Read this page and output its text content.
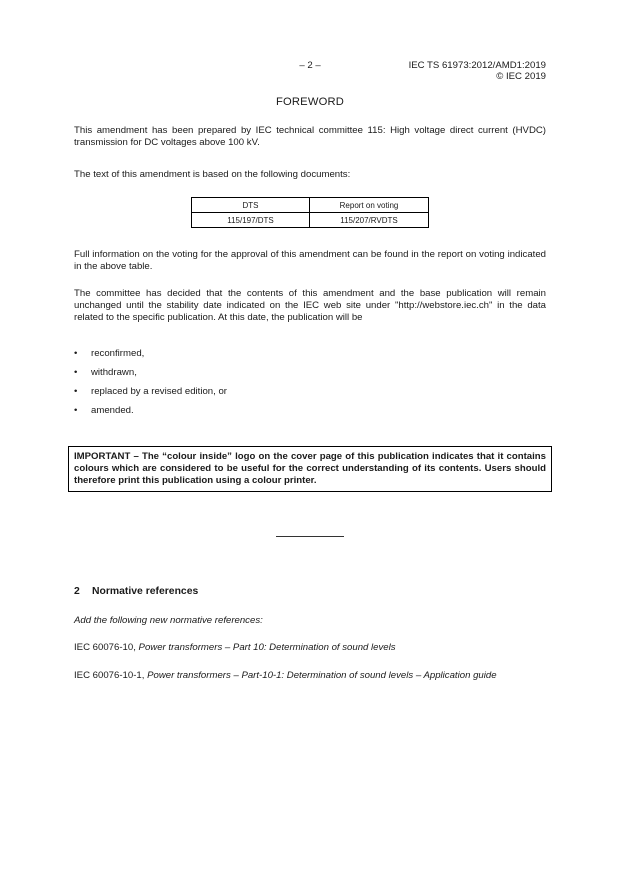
– 2 –	IEC TS 61973:2012/AMD1:2019
© IEC 2019
FOREWORD

This amendment has been prepared by IEC technical committee 115: High voltage direct current (HVDC) transmission for DC voltages above 100 kV.

The text of this amendment is based on the following documents:

DTS	Report on voting
115/197/DTS	115/207/RVDTS

Full information on the voting for the approval of this amendment can be found in the report on voting indicated in the above table.

The committee has decided that the contents of this amendment and the base publication will remain unchanged until the stability date indicated on the IEC web site under "http://webstore.iec.ch" in the data related to the specific publication. At this date, the publication will be

• reconfirmed,
• withdrawn,
• replaced by a revised edition, or
• amended.
IMPORTANT – The “colour inside” logo on the cover page of this publication indicates that it contains colours which are considered to be useful for the correct understanding of its contents. Users should therefore print this publication using a colour printer.
2 Normative references

Add the following new normative references:

IEC 60076-10, Power transformers – Part 10: Determination of sound levels

IEC 60076-10-1, Power transformers – Part-10-1: Determination of sound levels – Application guide
